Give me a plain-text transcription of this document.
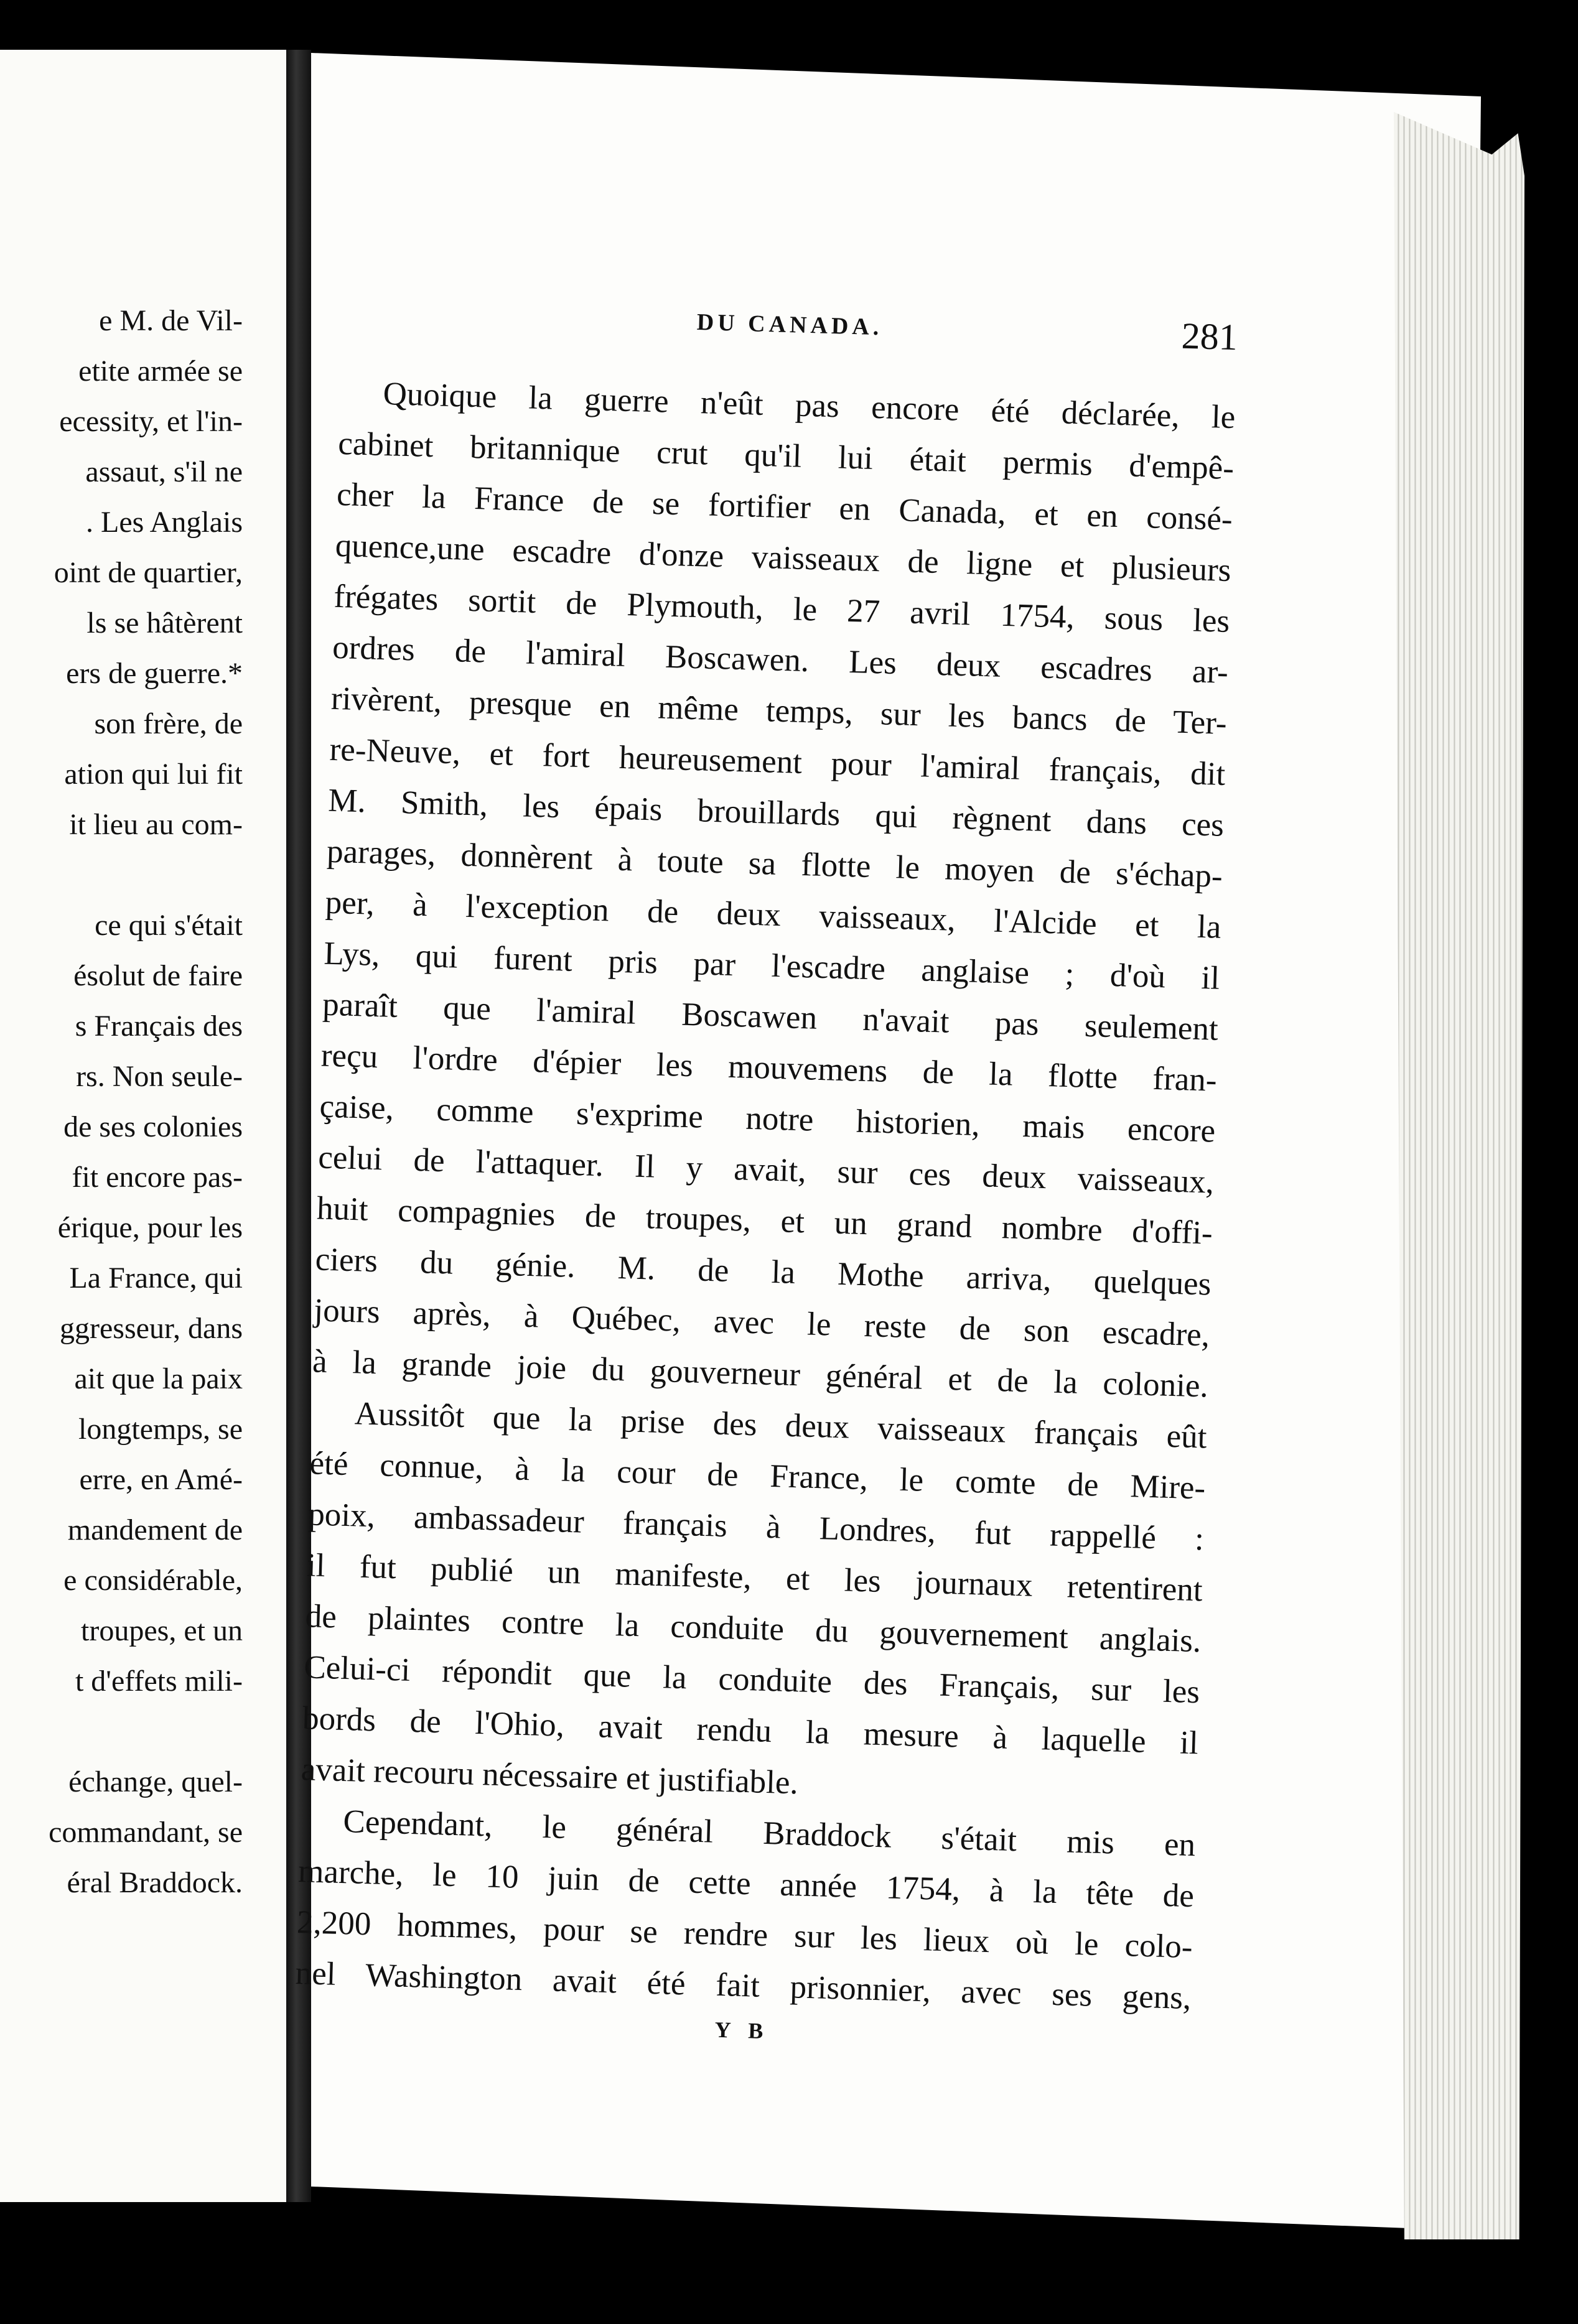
e M. de Vil-
etite armée se
ecessity, et l'in-
assaut, s'il ne
. Les Anglais
oint de quartier,
ls se hâtèrent
ers de guerre.*
son frère, de
ation qui lui fit
it lieu au com-
ce qui s'était
ésolut de faire
s Français des
rs. Non seule-
de ses colonies
fit encore pas-
érique, pour les
La France, qui
ggresseur, dans
ait que la paix
longtemps, se
erre, en Amé-
mandement de
e considérable,
troupes, et un
t d'effets mili-
échange, quel-
commandant, se
éral Braddock.
DU CANADA.	281
Quoique la guerre n'eût pas encore été déclarée, le
cabinet britannique crut qu'il lui était permis d'empê-
cher la France de se fortifier en Canada, et en consé-
quence,une escadre d'onze vaisseaux de ligne et plusieurs
frégates sortit de Plymouth, le 27 avril 1754, sous les
ordres de l'amiral Boscawen. Les deux escadres ar-
rivèrent, presque en même temps, sur les bancs de Ter-
re-Neuve, et fort heureusement pour l'amiral français, dit
M. Smith, les épais brouillards qui règnent dans ces
parages, donnèrent à toute sa flotte le moyen de s'échap-
per, à l'exception de deux vaisseaux, l'Alcide et la
Lys, qui furent pris par l'escadre anglaise ; d'où il
paraît que l'amiral Boscawen n'avait pas seulement
reçu l'ordre d'épier les mouvemens de la flotte fran-
çaise, comme s'exprime notre historien, mais encore
celui de l'attaquer. Il y avait, sur ces deux vaisseaux,
huit compagnies de troupes, et un grand nombre d'offi-
ciers du génie. M. de la Mothe arriva, quelques
jours après, à Québec, avec le reste de son escadre,
à la grande joie du gouverneur général et de la colonie.
Aussitôt que la prise des deux vaisseaux français eût
été connue, à la cour de France, le comte de Mire-
poix, ambassadeur français à Londres, fut rappellé :
il fut publié un manifeste, et les journaux retentirent
de plaintes contre la conduite du gouvernement anglais.
Celui-ci répondit que la conduite des Français, sur les
bords de l'Ohio, avait rendu la mesure à laquelle il
avait recouru nécessaire et justifiable.
Cependant, le général Braddock s'était mis en
marche, le 10 juin de cette année 1754, à la tête de
2,200 hommes, pour se rendre sur les lieux où le colo-
nel Washington avait été fait prisonnier, avec ses gens,
Y B
